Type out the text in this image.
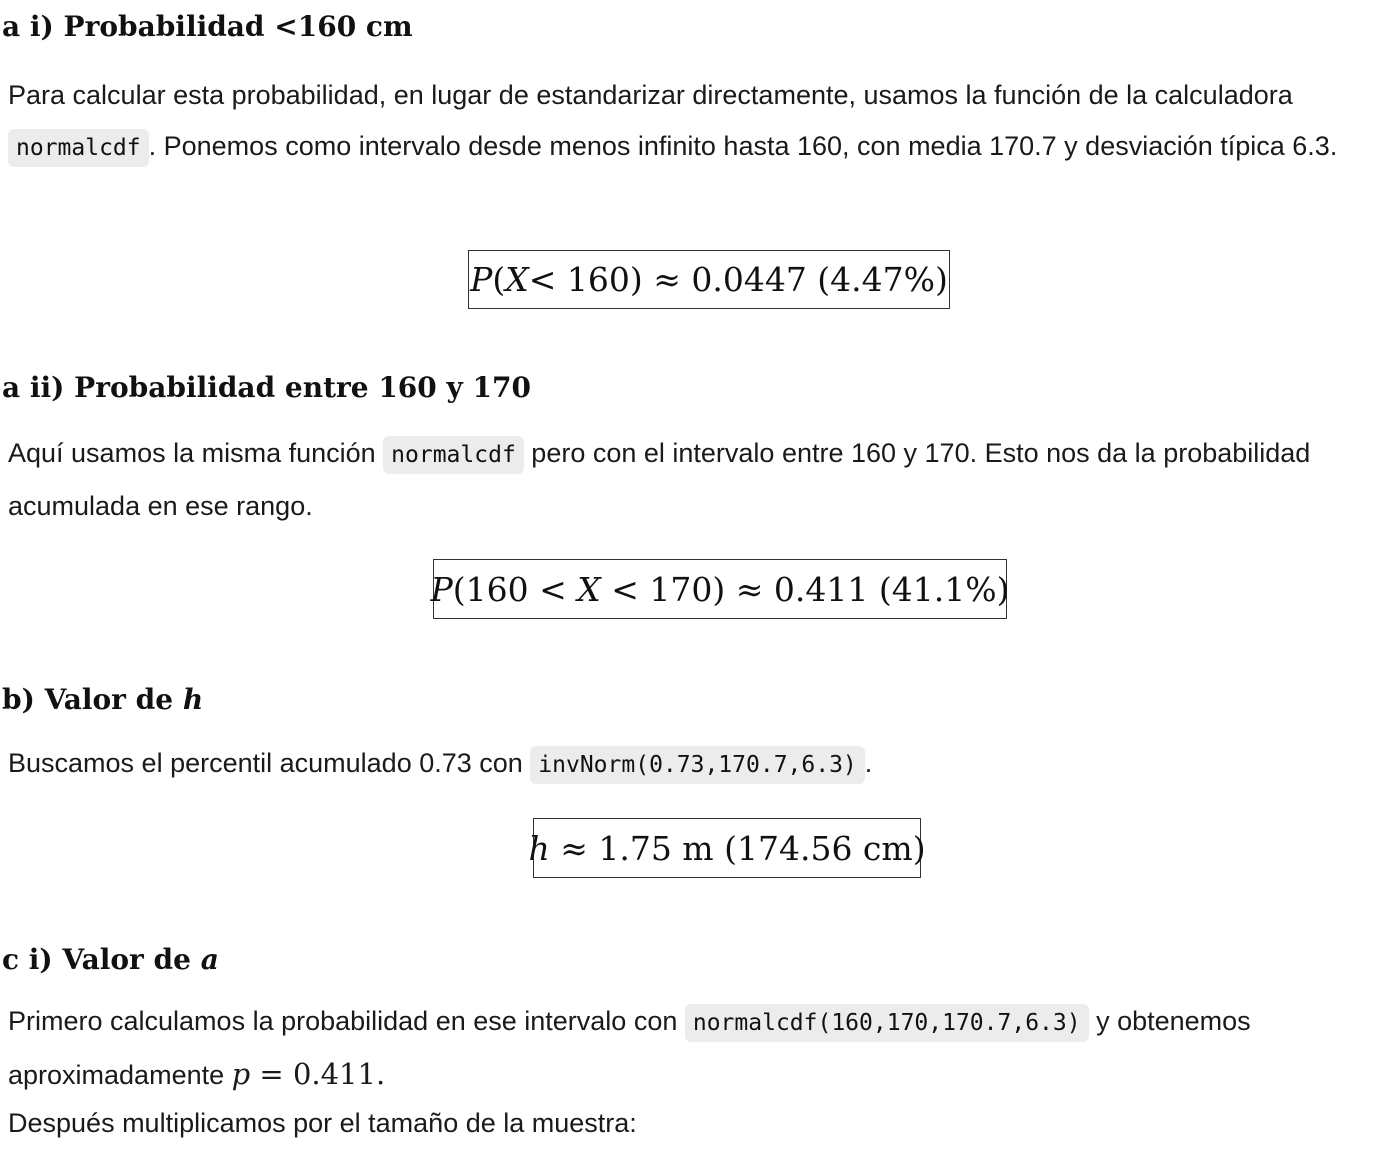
a i) Probabilidad <160 cm

Para calcular esta probabilidad, en lugar de estandarizar directamente, usamos la función de la calculadora normalcdf . Ponemos como intervalo desde menos infinito hasta 160, con media 170.7 y desviación típica 6.3.

P ( X < 160) ≈ 0.0447 (4.47%)
a ii) Probabilidad entre 160 y 170

Aquí usamos la misma función normalcdf pero con el intervalo entre 160 y 170. Esto nos da la probabilidad acumulada en ese rango.

P (160 < X < 170) ≈ 0.411 (41.1%)
b) Valor de h

Buscamos el percentil acumulado 0.73 con invNorm(0.73,170.7,6.3) .

h ≈ 1.75 m (174.56 cm)
c i) Valor de a

Primero calculamos la probabilidad en ese intervalo con normalcdf(160,170,170.7,6.3) y obtenemos aproximadamente p = 0.411.

Después multiplicamos por el tamaño de la muestra:
